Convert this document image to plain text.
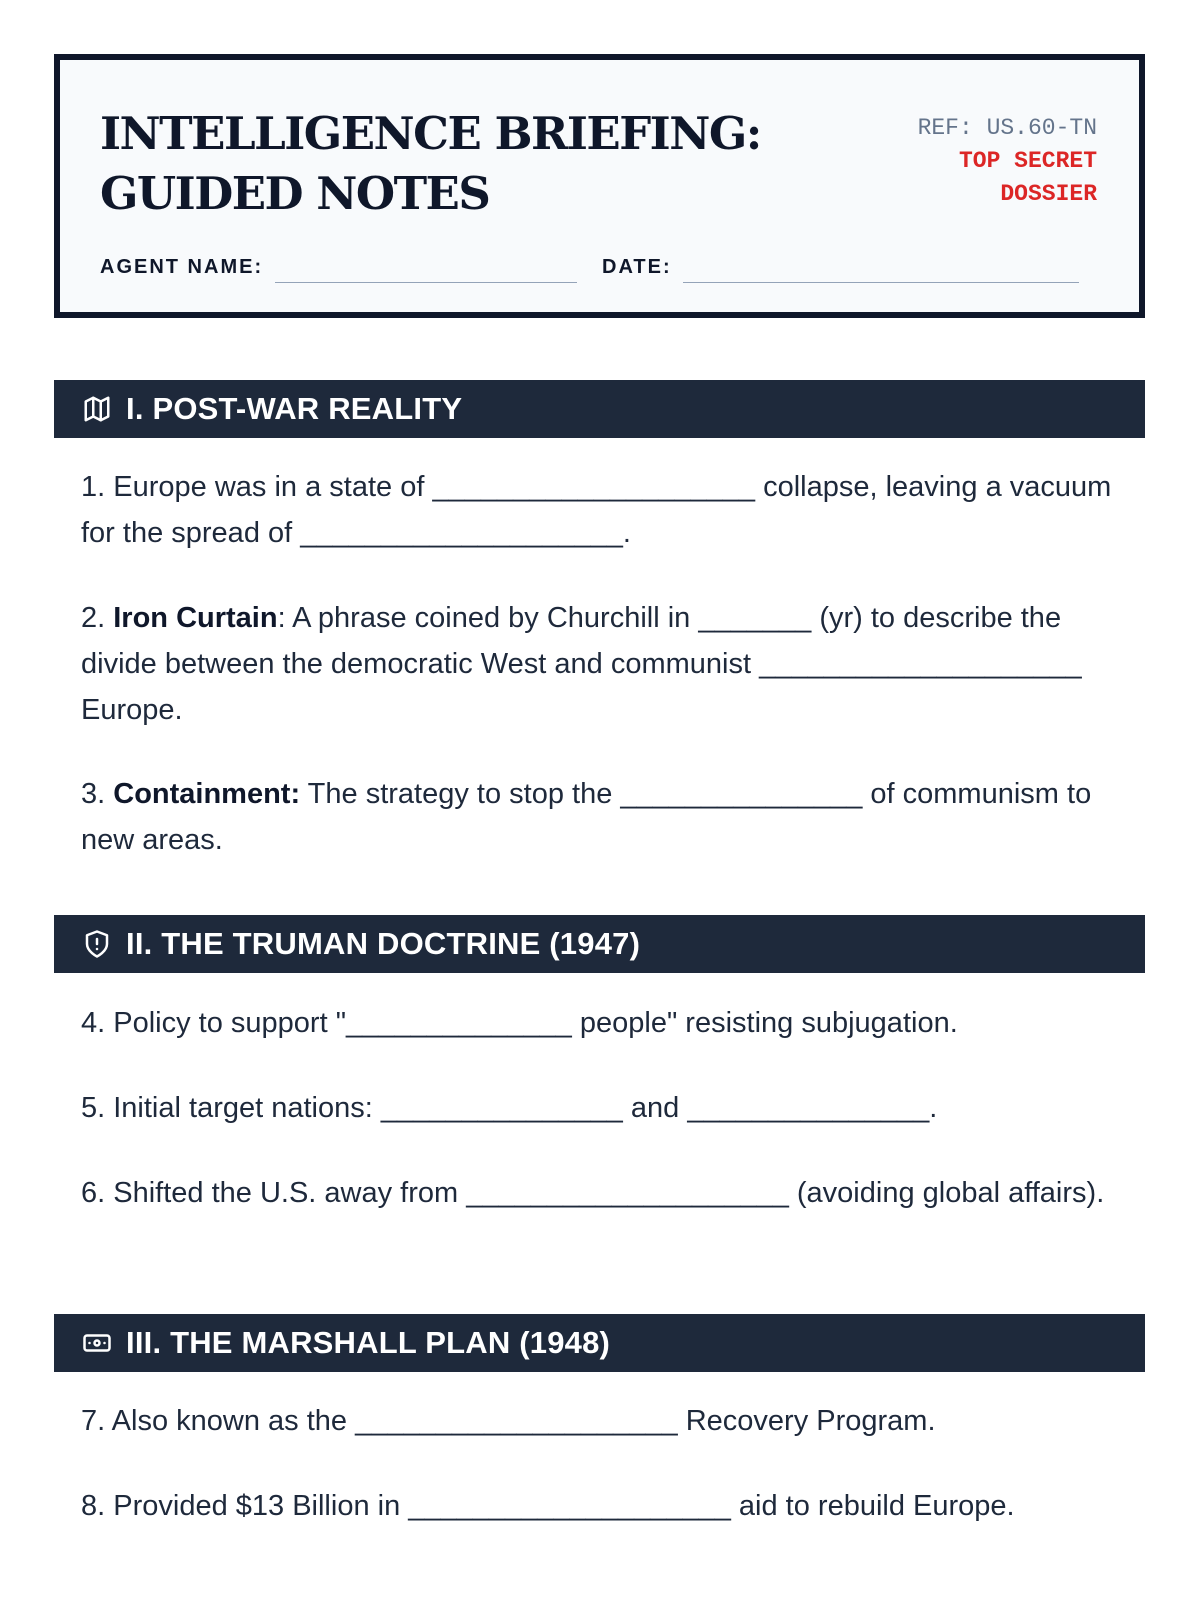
INTELLIGENCE BRIEFING:
GUIDED NOTES
REF: US.60-TN
TOP SECRET
DOSSIER
AGENT NAME:	DATE:
I. POST-WAR REALITY

1. Europe was in a state of ____________________ collapse, leaving a vacuum for the spread of ____________________.

2. Iron Curtain: A phrase coined by Churchill in _______ (yr) to describe the divide between the democratic West and communist ____________________ Europe.

3. Containment: The strategy to stop the _______________ of communism to new areas.

II. THE TRUMAN DOCTRINE (1947)

4. Policy to support "______________ people" resisting subjugation.

5. Initial target nations: _______________ and _______________.

6. Shifted the U.S. away from ____________________ (avoiding global affairs).

III. THE MARSHALL PLAN (1948)

7. Also known as the ____________________ Recovery Program.

8. Provided $13 Billion in ____________________ aid to rebuild Europe.
